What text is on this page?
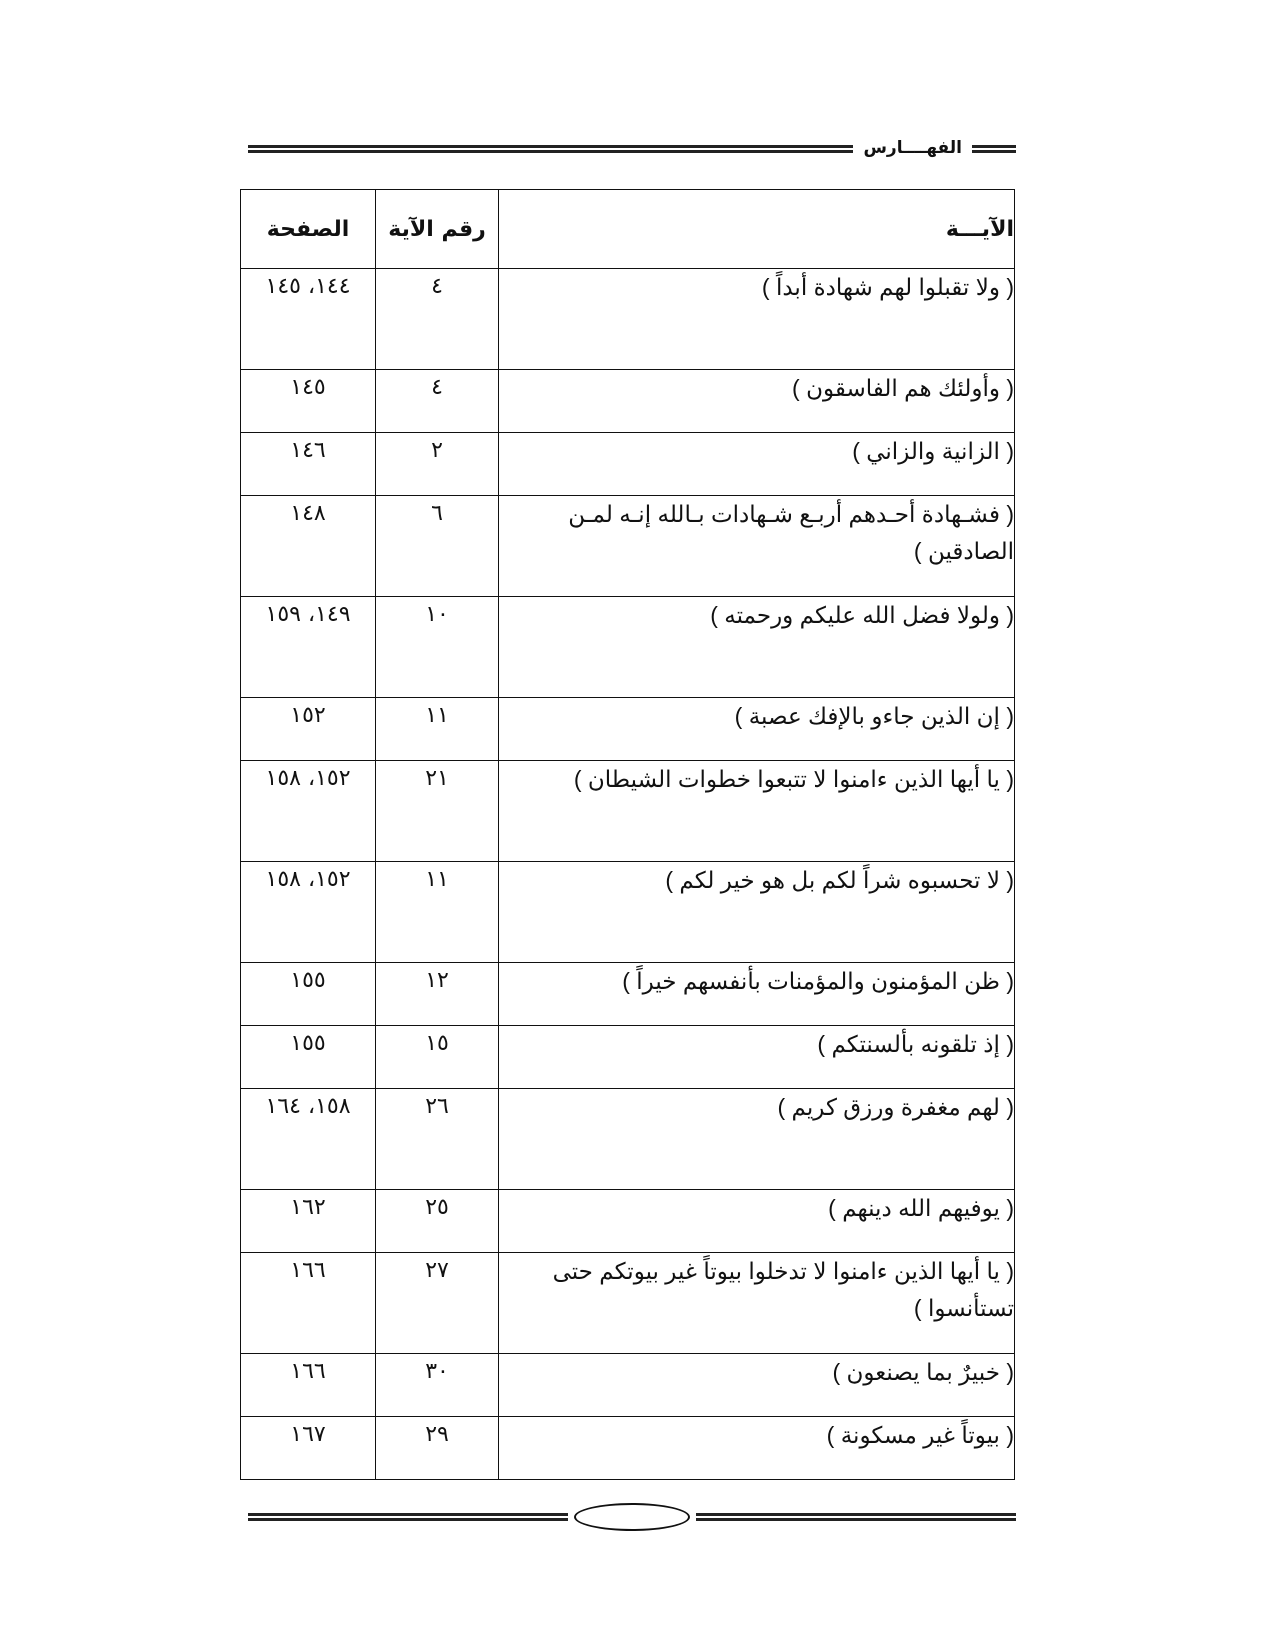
الفهــــارس
الآيـــة	رقم الآية	الصفحة
( ولا تقبلوا لهم شهادة أبداً )	٤	١٤٤، ١٤٥
( وأولئك هم الفاسقون )	٤	١٤٥
( الزانية والزاني )	٢	١٤٦
( فشـهادة أحـدهم أربـع شـهادات بـالله إنـه لمـن الصادقين )	٦	١٤٨
( ولولا فضل الله عليكم ورحمته )	١٠	١٤٩، ١٥٩
( إن الذين جاءو بالإفك عصبة )	١١	١٥٢
( يا أيها الذين ءامنوا لا تتبعوا خطوات الشيطان )	٢١	١٥٢، ١٥٨
( لا تحسبوه شراً لكم بل هو خير لكم )	١١	١٥٢، ١٥٨
( ظن المؤمنون والمؤمنات بأنفسهم خيراً )	١٢	١٥٥
( إذ تلقونه بألسنتكم )	١٥	١٥٥
( لهم مغفرة ورزق كريم )	٢٦	١٥٨، ١٦٤
( يوفيهم الله دينهم )	٢٥	١٦٢
( يا أيها الذين ءامنوا لا تدخلوا بيوتاً غير بيوتكم حتى تستأنسوا )	٢٧	١٦٦
( خبيرٌ بما يصنعون )	٣٠	١٦٦
( بيوتاً غير مسكونة )	٢٩	١٦٧
